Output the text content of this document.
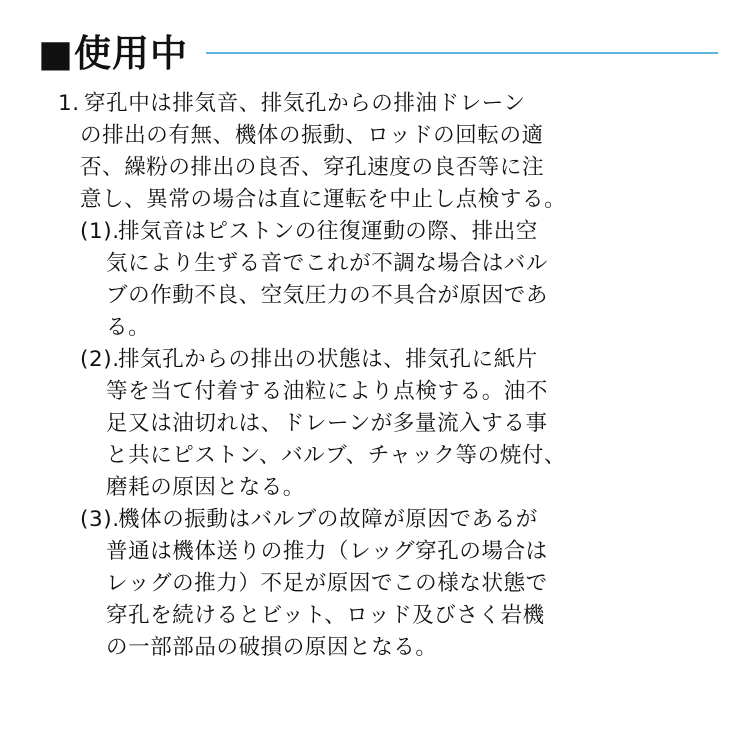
■使用中
1. 穿孔中は排気音、排気孔からの排油ドレーン
の排出の有無、機体の振動、ロッドの回転の適
否、繰粉の排出の良否、穿孔速度の良否等に注
意し、異常の場合は直に運転を中止し点検する。
(1).
排気音はピストンの往復運動の際、排出空
気により生ずる音でこれが不調な場合はバル
ブの作動不良、空気圧力の不具合が原因であ
る。
(2).
排気孔からの排出の状態は、排気孔に紙片
等を当て付着する油粒により点検する。油不
足又は油切れは、ドレーンが多量流入する事
と共にピストン、バルブ、チャック等の焼付、
磨耗の原因となる。
(3).
機体の振動はバルブの故障が原因であるが
普通は機体送りの推力（レッグ穿孔の場合は
レッグの推力）不足が原因でこの様な状態で
穿孔を続けるとビット、ロッド及びさく岩機
の一部部品の破損の原因となる。
